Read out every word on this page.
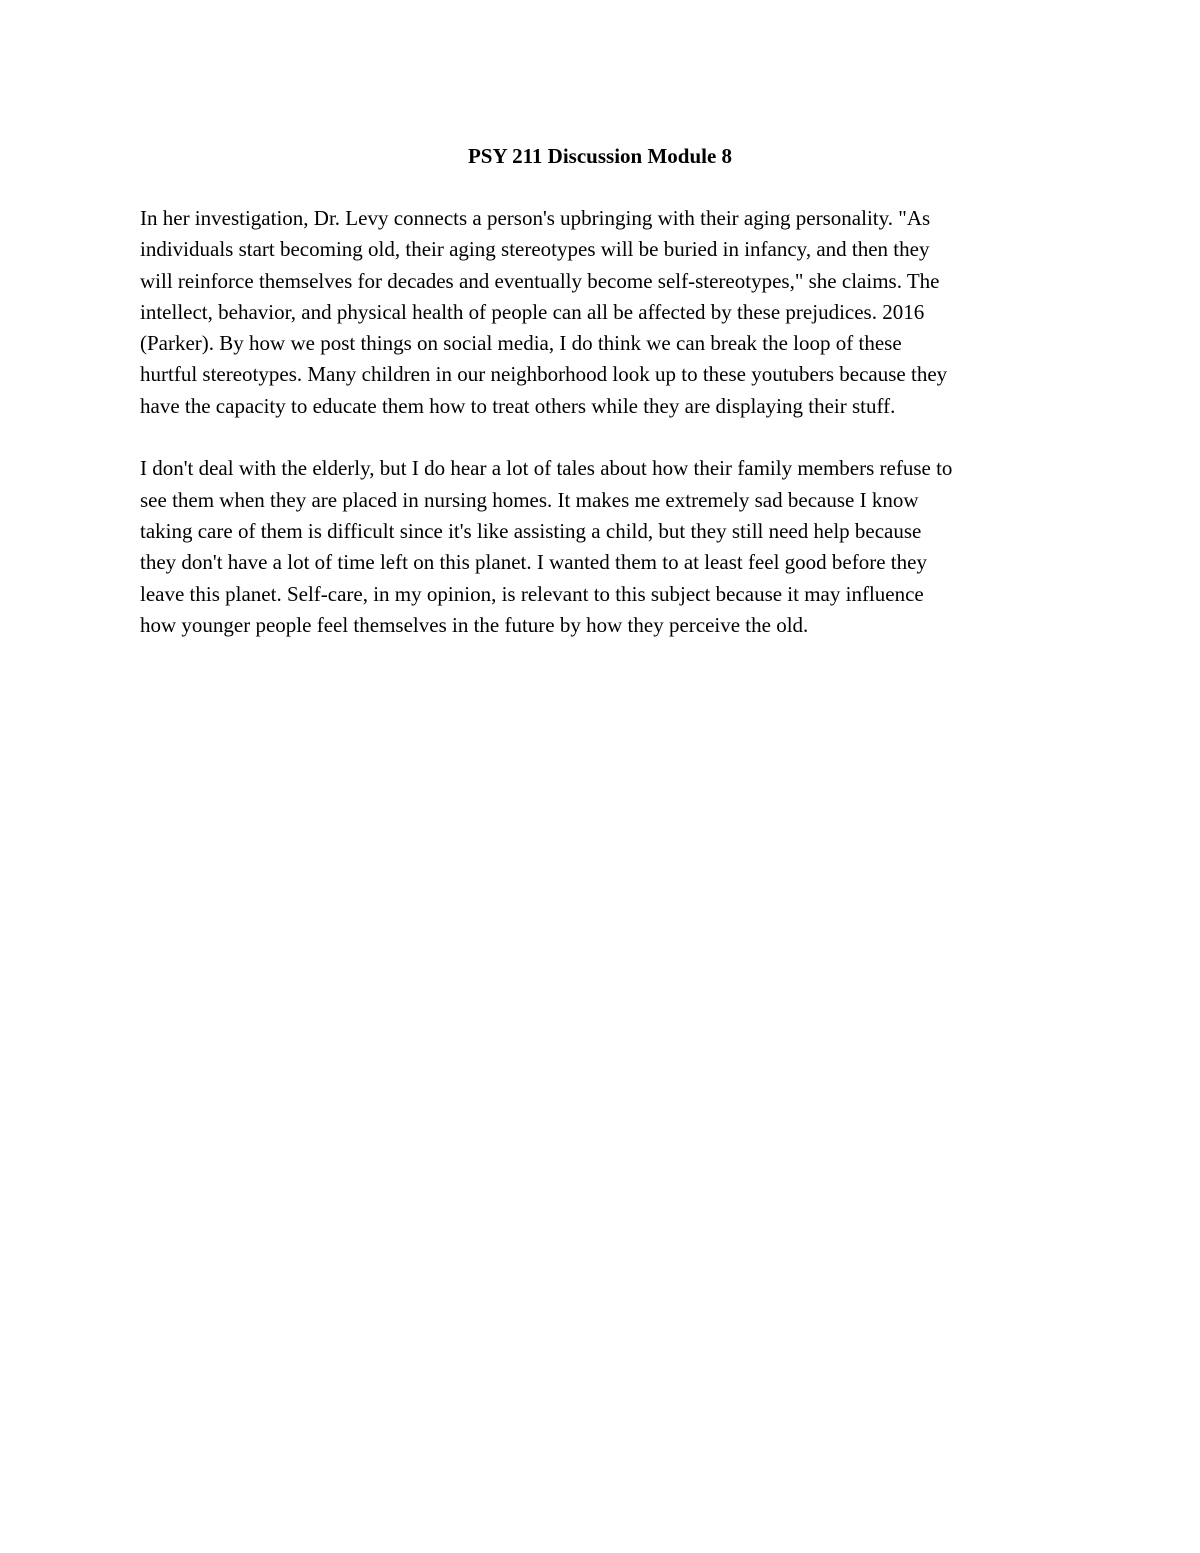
PSY 211 Discussion Module 8
In her investigation, Dr. Levy connects a person's upbringing with their aging personality. "As
individuals start becoming old, their aging stereotypes will be buried in infancy, and then they
will reinforce themselves for decades and eventually become self-stereotypes," she claims. The
intellect, behavior, and physical health of people can all be affected by these prejudices. 2016
(Parker). By how we post things on social media, I do think we can break the loop of these
hurtful stereotypes. Many children in our neighborhood look up to these youtubers because they
have the capacity to educate them how to treat others while they are displaying their stuff.
I don't deal with the elderly, but I do hear a lot of tales about how their family members refuse to
see them when they are placed in nursing homes. It makes me extremely sad because I know
taking care of them is difficult since it's like assisting a child, but they still need help because
they don't have a lot of time left on this planet. I wanted them to at least feel good before they
leave this planet. Self-care, in my opinion, is relevant to this subject because it may influence
how younger people feel themselves in the future by how they perceive the old.
